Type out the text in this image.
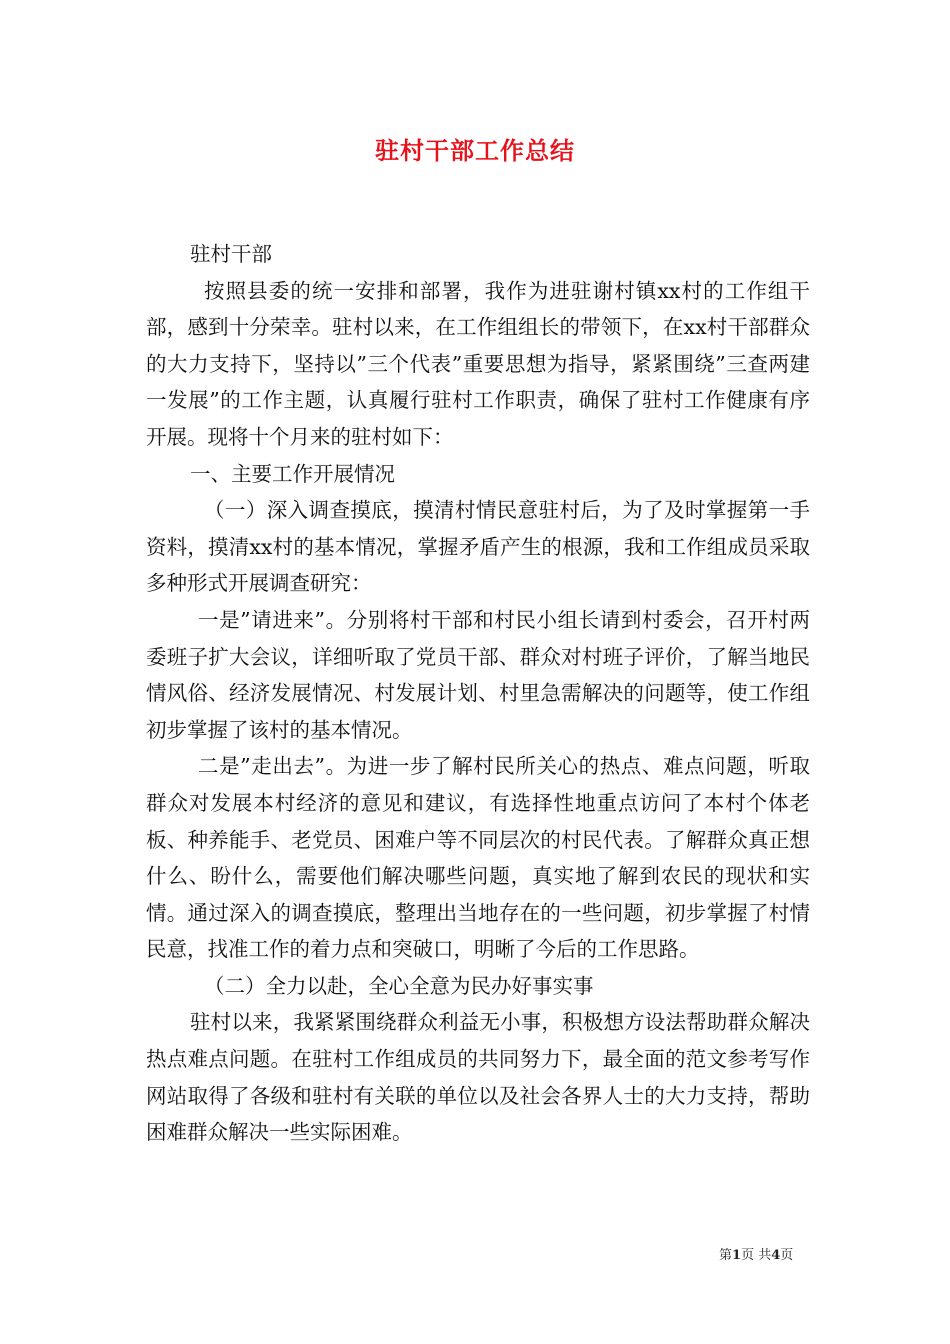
驻村干部工作总结

驻村干部

按照县委的统一安排和部署，我作为进驻谢村镇xx村的工作组干部，感到十分荣幸。驻村以来，在工作组组长的带领下，在xx村干部群众的大力支持下，坚持以”三个代表”重要思想为指导，紧紧围绕”三查两建一发展”的工作主题，认真履行驻村工作职责，确保了驻村工作健康有序开展。现将十个月来的驻村如下：

一、主要工作开展情况

（一）深入调查摸底，摸清村情民意驻村后，为了及时掌握第一手资料，摸清xx村的基本情况，掌握矛盾产生的根源，我和工作组成员采取多种形式开展调查研究：

一是”请进来”。分别将村干部和村民小组长请到村委会，召开村两委班子扩大会议，详细听取了党员干部、群众对村班子评价，了解当地民情风俗、经济发展情况、村发展计划、村里急需解决的问题等，使工作组初步掌握了该村的基本情况。

二是”走出去”。为进一步了解村民所关心的热点、难点问题，听取群众对发展本村经济的意见和建议，有选择性地重点访问了本村个体老板、种养能手、老党员、困难户等不同层次的村民代表。了解群众真正想什么、盼什么，需要他们解决哪些问题，真实地了解到农民的现状和实情。通过深入的调查摸底，整理出当地存在的一些问题，初步掌握了村情民意，找准工作的着力点和突破口，明晰了今后的工作思路。

（二）全力以赴，全心全意为民办好事实事

驻村以来，我紧紧围绕群众利益无小事，积极想方设法帮助群众解决热点难点问题。在驻村工作组成员的共同努力下，最全面的范文参考写作网站取得了各级和驻村有关联的单位以及社会各界人士的大力支持，帮助困难群众解决一些实际困难。

第1页 共4页
